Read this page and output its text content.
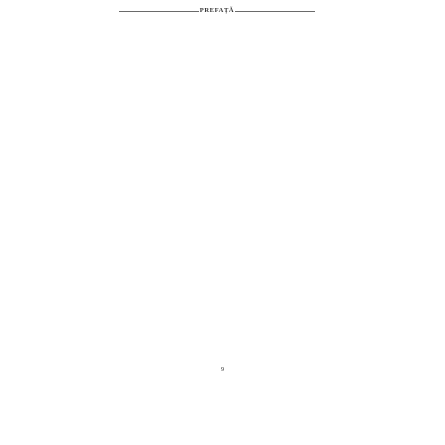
PREFAȚĂ

9
